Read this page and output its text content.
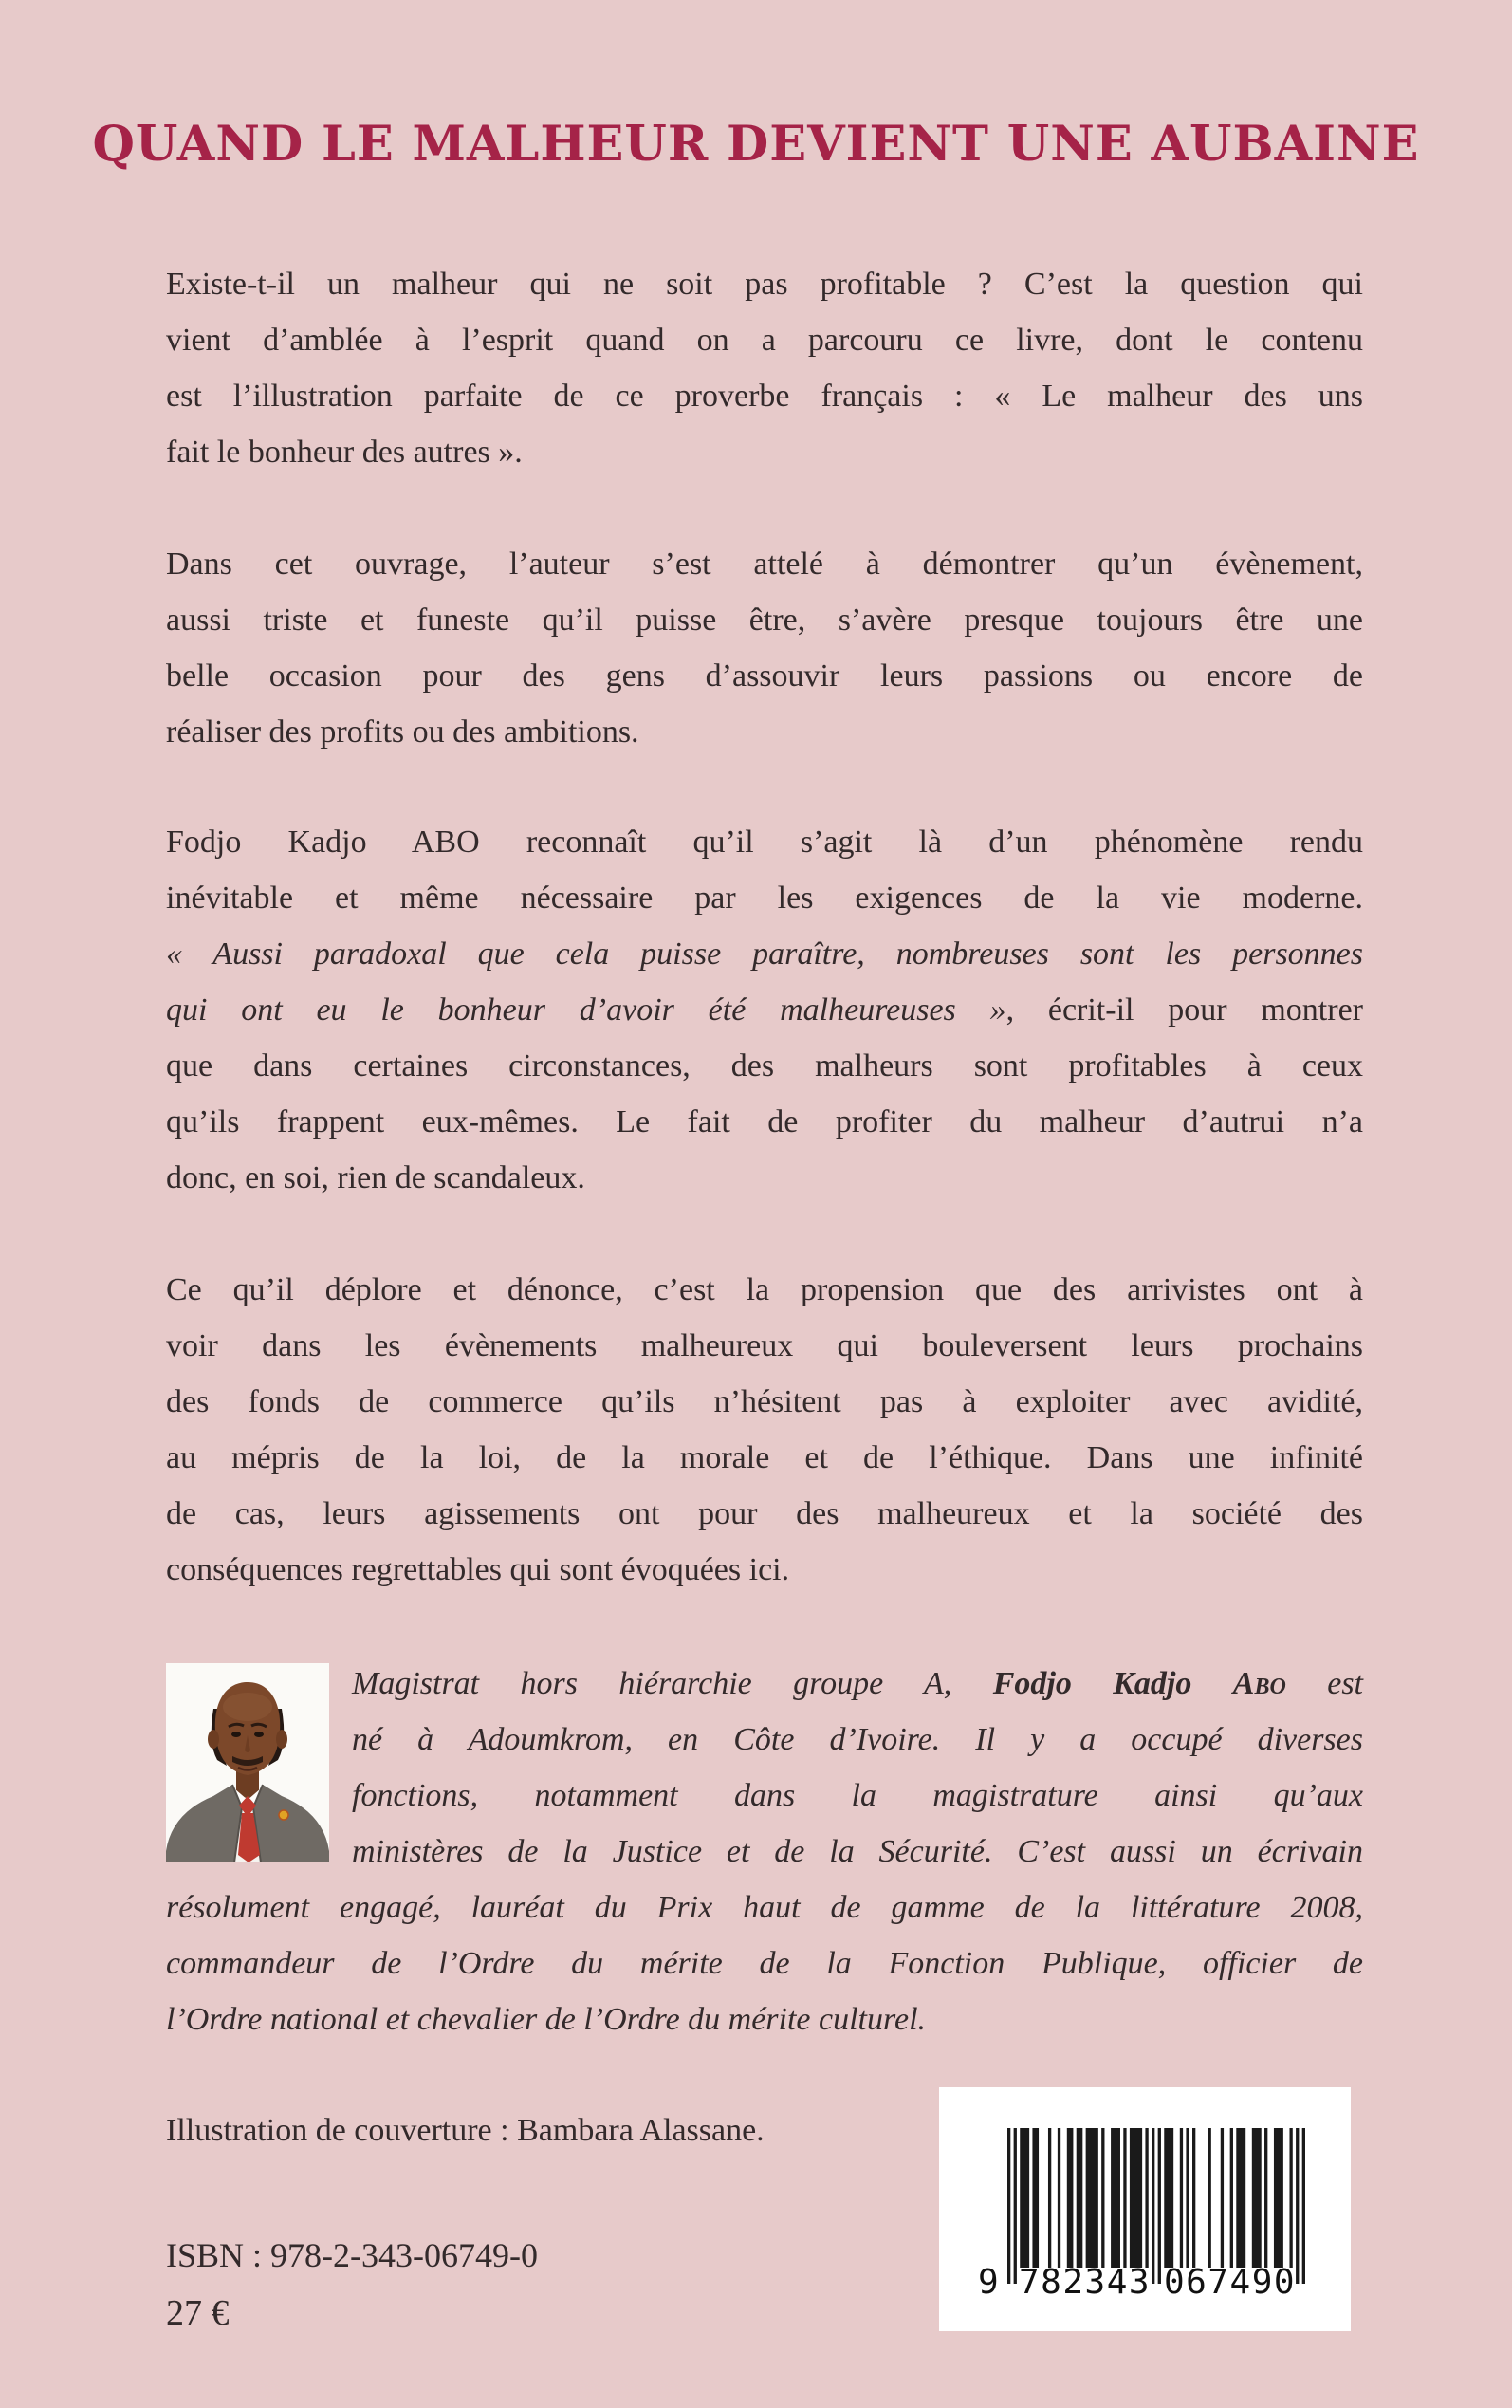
QUAND LE MALHEUR DEVIENT UNE AUBAINE
Existe-t-il un malheur qui ne soit pas profitable ? C’est la question qui
vient d’amblée à l’esprit quand on a parcouru ce livre, dont le contenu
est l’illustration parfaite de ce proverbe français : « Le malheur des uns
fait le bonheur des autres ».
Dans cet ouvrage, l’auteur s’est attelé à démontrer qu’un évènement,
aussi triste et funeste qu’il puisse être, s’avère presque toujours être une
belle occasion pour des gens d’assouvir leurs passions ou encore de
réaliser des profits ou des ambitions.
Fodjo Kadjo ABO reconnaît qu’il s’agit là d’un phénomène rendu
inévitable et même nécessaire par les exigences de la vie moderne.
« Aussi paradoxal que cela puisse paraître, nombreuses sont les personnes
qui ont eu le bonheur d’avoir été malheureuses », écrit-il pour montrer
que dans certaines circonstances, des malheurs sont profitables à ceux
qu’ils frappent eux-mêmes. Le fait de profiter du malheur d’autrui n’a
donc, en soi, rien de scandaleux.
Ce qu’il déplore et dénonce, c’est la propension que des arrivistes ont à
voir dans les évènements malheureux qui bouleversent leurs prochains
des fonds de commerce qu’ils n’hésitent pas à exploiter avec avidité,
au mépris de la loi, de la morale et de l’éthique. Dans une infinité
de cas, leurs agissements ont pour des malheureux et la société des
conséquences regrettables qui sont évoquées ici.
Magistrat hors hiérarchie groupe A, Fodjo Kadjo Abo est
né à Adoumkrom, en Côte d’Ivoire. Il y a occupé diverses
fonctions, notamment dans la magistrature ainsi qu’aux
ministères de la Justice et de la Sécurité. C’est aussi un écrivain
résolument engagé, lauréat du Prix haut de gamme de la littérature 2008,
commandeur de l’Ordre du mérite de la Fonction Publique, officier de
l’Ordre national et chevalier de l’Ordre du mérite culturel.
Illustration de couverture : Bambara Alassane.
ISBN : 978-2-343-06749-0
27 €
9 782343 067490
